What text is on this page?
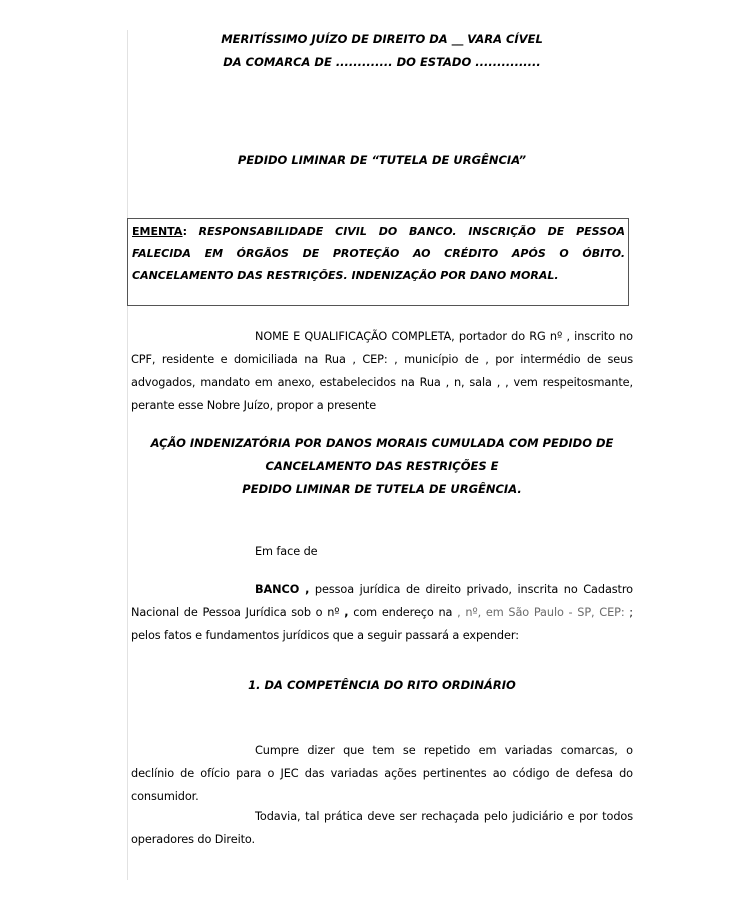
MERITÍSSIMO JUÍZO DE DIREITO DA __ VARA CÍVEL
DA COMARCA DE ............. DO ESTADO ...............
PEDIDO LIMINAR DE “TUTELA DE URGÊNCIA”
EMENTA: RESPONSABILIDADE CIVIL DO BANCO. INSCRIÇÃO DE PESSOA FALECIDA EM ÓRGÃOS DE PROTEÇÃO AO CRÉDITO APÓS O ÓBITO. CANCELAMENTO DAS RESTRIÇÕES. INDENIZAÇÃO POR DANO MORAL.
NOME E QUALIFICAÇÃO COMPLETA, portador do RG nº , inscrito no CPF, residente e domiciliada na Rua , CEP: , município de , por intermédio de seus advogados, mandato em anexo, estabelecidos na Rua , n, sala , , vem respeitosmante, perante esse Nobre Juízo, propor a presente
AÇÃO INDENIZATÓRIA POR DANOS MORAIS CUMULADA COM PEDIDO DE
CANCELAMENTO DAS RESTRIÇÕES E
PEDIDO LIMINAR DE TUTELA DE URGÊNCIA.
Em face de
BANCO , pessoa jurídica de direito privado, inscrita no Cadastro Nacional de Pessoa Jurídica sob o nº , com endereço na , nº, em São Paulo - SP, CEP: ; pelos fatos e fundamentos jurídicos que a seguir passará a expender:
1. DA COMPETÊNCIA DO RITO ORDINÁRIO
Cumpre dizer que tem se repetido em variadas comarcas, o declínio de ofício para o JEC das variadas ações pertinentes ao código de defesa do consumidor.
Todavia, tal prática deve ser rechaçada pelo judiciário e por todos operadores do Direito.
